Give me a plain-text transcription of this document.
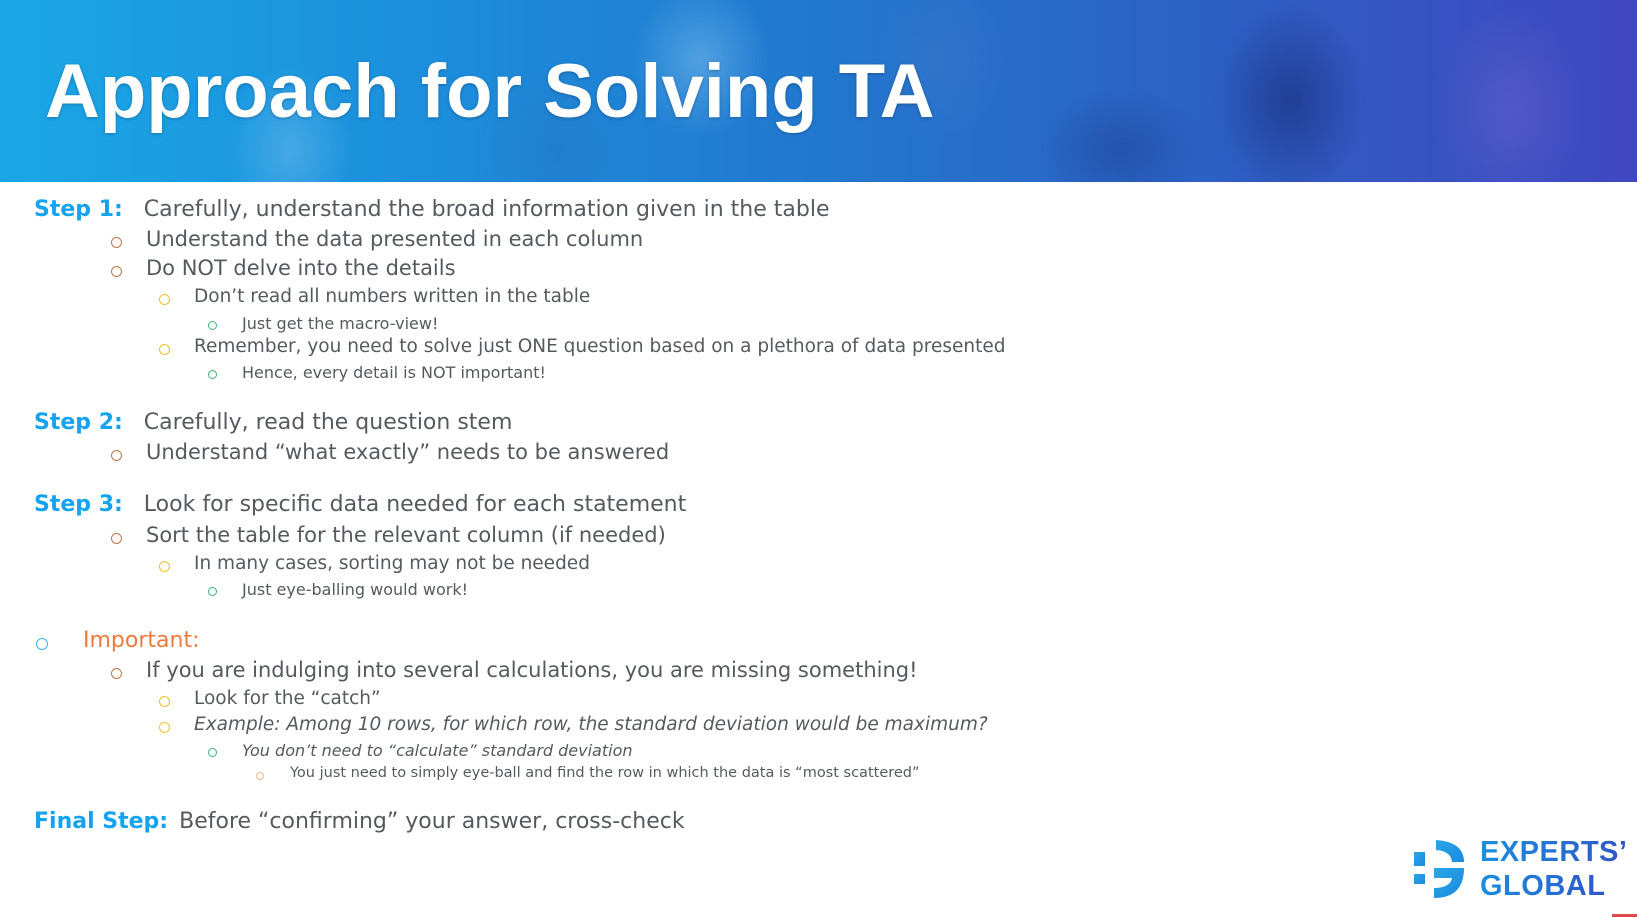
Approach for Solving TA
Step 1: Carefully, understand the broad information given in the table
Understand the data presented in each column
Do NOT delve into the details
Don’t read all numbers written in the table
Just get the macro-view!
Remember, you need to solve just ONE question based on a plethora of data presented
Hence, every detail is NOT important!
Step 2: Carefully, read the question stem
Understand “what exactly” needs to be answered
Step 3: Look for specific data needed for each statement
Sort the table for the relevant column (if needed)
In many cases, sorting may not be needed
Just eye-balling would work!
Important:
If you are indulging into several calculations, you are missing something!
Look for the “catch”
Example: Among 10 rows, for which row, the standard deviation would be maximum?
You don’t need to “calculate” standard deviation
You just need to simply eye-ball and find the row in which the data is “most scattered”
Final Step: Before “confirming” your answer, cross-check
EXPERTS’
GLOBAL
